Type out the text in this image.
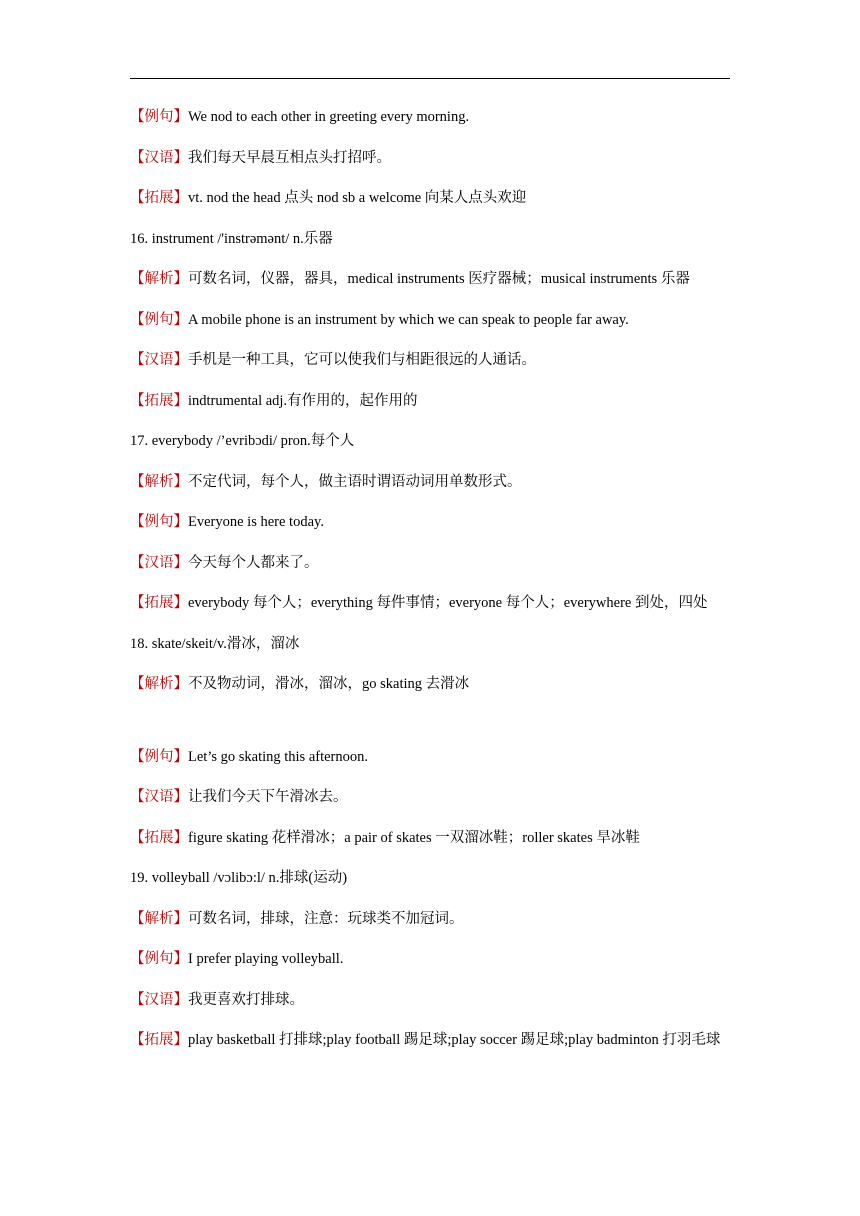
【例句】We nod to each other in greeting every morning.

【汉语】我们每天早晨互相点头打招呼。

【拓展】vt. nod the head 点头 nod sb a welcome 向某人点头欢迎

16. instrument /'instrəmənt/ n.乐器

【解析】可数名词，仪器，器具，medical instruments 医疗器械；musical instruments 乐器

【例句】A mobile phone is an instrument by which we can speak to people far away.

【汉语】手机是一种工具，它可以使我们与相距很远的人通话。

【拓展】indtrumental adj.有作用的，起作用的

17. everybody /’evribɔdi/ pron.每个人

【解析】不定代词，每个人，做主语时谓语动词用单数形式。

【例句】Everyone is here today.

【汉语】今天每个人都来了。

【拓展】everybody 每个人；everything 每件事情；everyone 每个人；everywhere 到处，四处

18. skate/skeit/v.滑冰，溜冰

【解析】不及物动词，滑冰，溜冰，go skating 去滑冰

【例句】Let’s go skating this afternoon.

【汉语】让我们今天下午滑冰去。

【拓展】figure skating 花样滑冰；a pair of skates 一双溜冰鞋；roller skates 旱冰鞋

19. volleyball /vɔlibɔ:l/ n.排球(运动)

【解析】可数名词，排球，注意：玩球类不加冠词。

【例句】I prefer playing volleyball.

【汉语】我更喜欢打排球。

【拓展】play basketball 打排球;play football 踢足球;play soccer 踢足球;play badminton 打羽毛球
